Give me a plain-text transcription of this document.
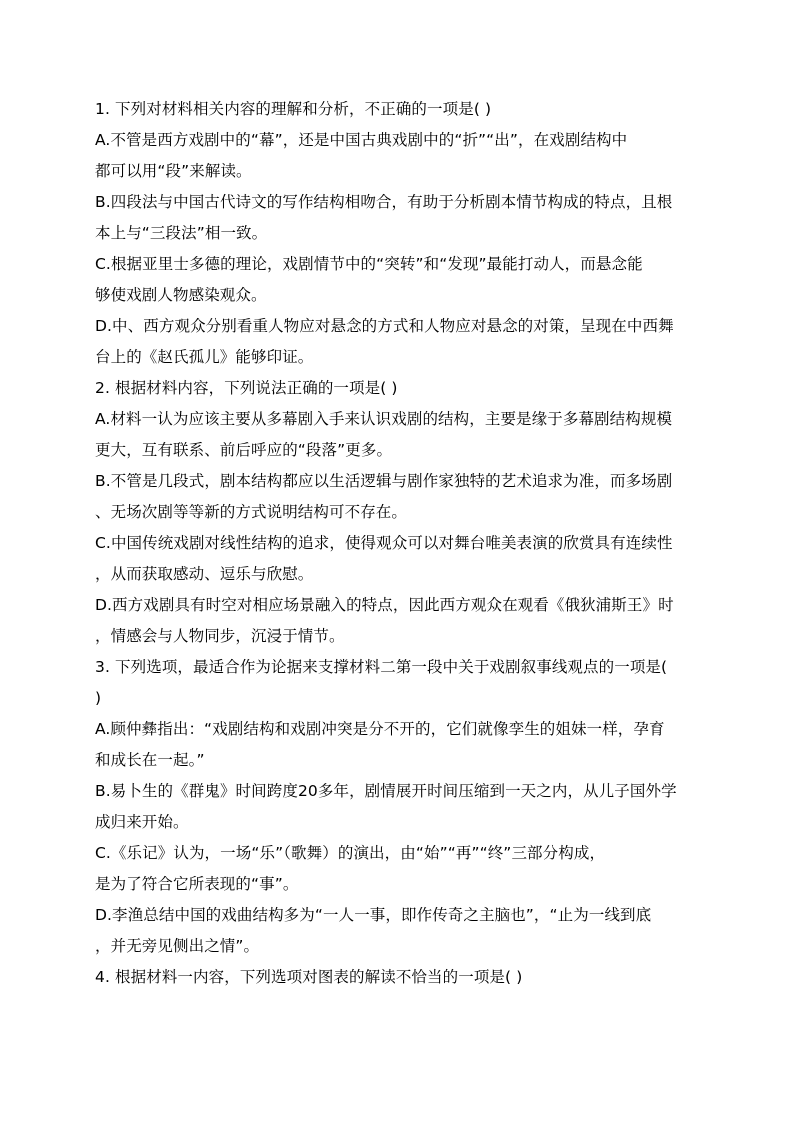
1. 下列对材料相关内容的理解和分析，不正确的一项是( )
A.不管是西方戏剧中的“幕”，还是中国古典戏剧中的“折”“出”，在戏剧结构中
都可以用“段”来解读。
B.四段法与中国古代诗文的写作结构相吻合，有助于分析剧本情节构成的特点，且根
本上与“三段法”相一致。
C.根据亚里士多德的理论，戏剧情节中的“突转”和“发现”最能打动人，而悬念能
够使戏剧人物感染观众。
D.中、西方观众分别看重人物应对悬念的方式和人物应对悬念的对策，呈现在中西舞
台上的《赵氏孤儿》能够印证。
2. 根据材料内容，下列说法正确的一项是( )
A.材料一认为应该主要从多幕剧入手来认识戏剧的结构，主要是缘于多幕剧结构规模
更大，互有联系、前后呼应的“段落”更多。
B.不管是几段式，剧本结构都应以生活逻辑与剧作家独特的艺术追求为准，而多场剧
、无场次剧等等新的方式说明结构可不存在。
C.中国传统戏剧对线性结构的追求，使得观众可以对舞台唯美表演的欣赏具有连续性
，从而获取感动、逗乐与欣慰。
D.西方戏剧具有时空对相应场景融入的特点，因此西方观众在观看《俄狄浦斯王》时
，情感会与人物同步，沉浸于情节。
3. 下列选项，最适合作为论据来支撑材料二第一段中关于戏剧叙事线观点的一项是(
)
A.顾仲彝指出：“戏剧结构和戏剧冲突是分不开的，它们就像孪生的姐妹一样，孕育
和成长在一起。”
B.易卜生的《群鬼》时间跨度20多年，剧情展开时间压缩到一天之内，从儿子国外学
成归来开始。
C.《乐记》认为，一场“乐”（歌舞）的演出，由“始”“再”“终”三部分构成，
是为了符合它所表现的“事”。
D.李渔总结中国的戏曲结构多为“一人一事，即作传奇之主脑也”，“止为一线到底
，并无旁见侧出之情”。
4. 根据材料一内容，下列选项对图表的解读不恰当的一项是( )
